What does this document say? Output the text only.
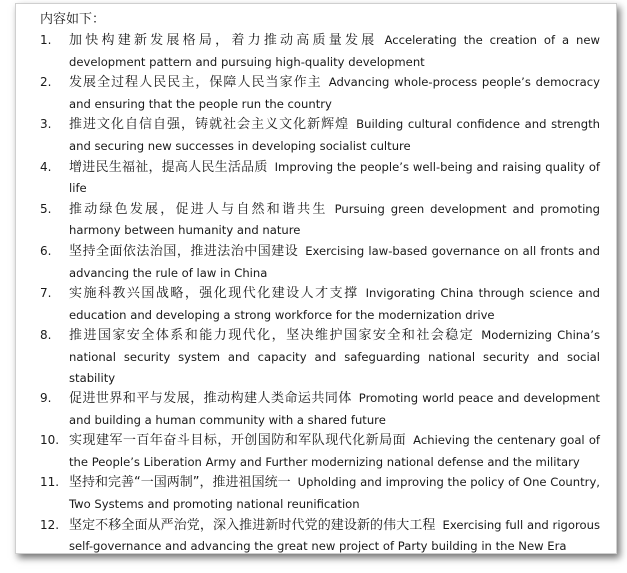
内容如下：

1. 加快构建新发展格局，着力推动高质量发展 Accelerating the creation of a new development pattern and pursuing high-quality development
2. 发展全过程人民民主，保障人民当家作主 Advancing whole-process people’s democracy and ensuring that the people run the country
3. 推进文化自信自强，铸就社会主义文化新辉煌 Building cultural confidence and strength and securing new successes in developing socialist culture
4. 增进民生福祉，提高人民生活品质 Improving the people’s well-being and raising quality of life
5. 推动绿色发展，促进人与自然和谐共生 Pursuing green development and promoting harmony between humanity and nature
6. 坚持全面依法治国，推进法治中国建设 Exercising law-based governance on all fronts and advancing the rule of law in China
7. 实施科教兴国战略，强化现代化建设人才支撑 Invigorating China through science and education and developing a strong workforce for the modernization drive
8. 推进国家安全体系和能力现代化，坚决维护国家安全和社会稳定 Modernizing China’s national security system and capacity and safeguarding national security and social stability
9. 促进世界和平与发展，推动构建人类命运共同体 Promoting world peace and development and building a human community with a shared future
10. 实现建军一百年奋斗目标，开创国防和军队现代化新局面 Achieving the centenary goal of the People’s Liberation Army and Further modernizing national defense and the military
11. 坚持和完善“一国两制”，推进祖国统一 Upholding and improving the policy of One Country, Two Systems and promoting national reunification
12. 坚定不移全面从严治党，深入推进新时代党的建设新的伟大工程 Exercising full and rigorous self-governance and advancing the great new project of Party building in the New Era
